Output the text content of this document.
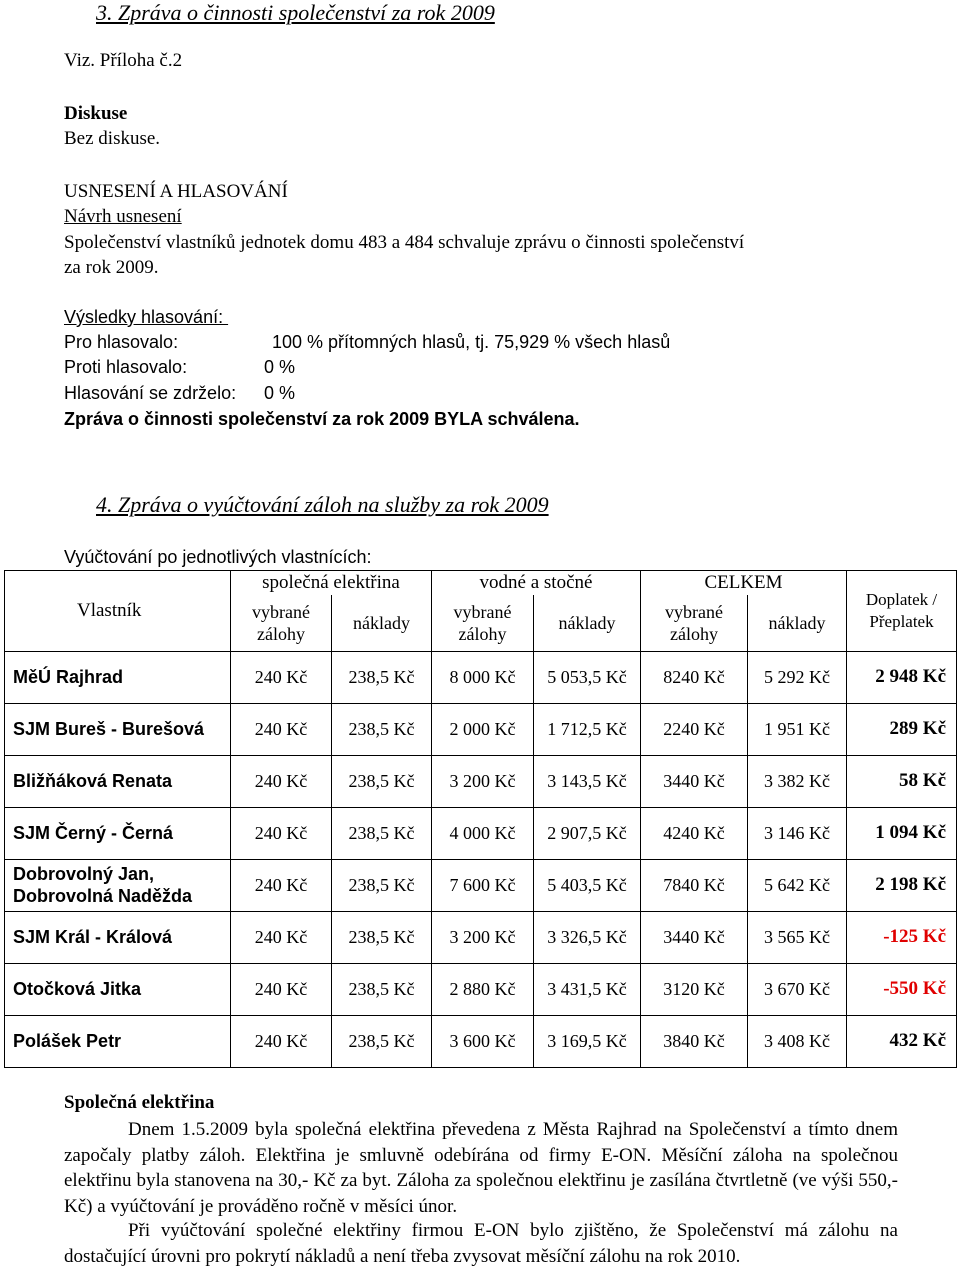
3. Zpráva o činnosti společenství za rok 2009
Viz. Příloha č.2
Diskuse
Bez diskuse.
USNESENÍ A HLASOVÁNÍ
Návrh usnesení
Společenství vlastníků jednotek domu 483 a 484 schvaluje zprávu o činnosti společenství
za rok 2009.
Výsledky hlasování:
Pro hlasovalo:	100 % přítomných hlasů, tj. 75,929 % všech hlasů
Proti hlasovalo:	0 %
Hlasování se zdrželo: 0 %
Zpráva o činnosti společenství za rok 2009 BYLA schválena.
4. Zpráva o vyúčtování záloh na služby za rok 2009
Vyúčtování po jednotlivých vlastnících:
Vlastník	společná elektřina		vodné a stočné		CELKEM		Doplatek / Přeplatek
	vybrané zálohy	náklady	vybrané zálohy	náklady	vybrané zálohy	náklady	
MěÚ Rajhrad	240 Kč	238,5 Kč	8 000 Kč	5 053,5 Kč	8240 Kč	5 292 Kč	2 948 Kč
SJM Bureš - Burešová	240 Kč	238,5 Kč	2 000 Kč	1 712,5 Kč	2240 Kč	1 951 Kč	289 Kč
Bližňáková Renata	240 Kč	238,5 Kč	3 200 Kč	3 143,5 Kč	3440 Kč	3 382 Kč	58 Kč
SJM Černý - Černá	240 Kč	238,5 Kč	4 000 Kč	2 907,5 Kč	4240 Kč	3 146 Kč	1 094 Kč
Dobrovolný Jan, Dobrovolná Naděžda	240 Kč	238,5 Kč	7 600 Kč	5 403,5 Kč	7840 Kč	5 642 Kč	2 198 Kč
SJM Král - Králová	240 Kč	238,5 Kč	3 200 Kč	3 326,5 Kč	3440 Kč	3 565 Kč	-125 Kč
Otočková Jitka	240 Kč	238,5 Kč	2 880 Kč	3 431,5 Kč	3120 Kč	3 670 Kč	-550 Kč
Polášek Petr	240 Kč	238,5 Kč	3 600 Kč	3 169,5 Kč	3840 Kč	3 408 Kč	432 Kč
Společná elektřina
Dnem 1.5.2009 byla společná elektřina převedena z Města Rajhrad na Společenství a tímto dnem započaly platby záloh. Elektřina je smluvně odebírána od firmy E-ON. Měsíční záloha na společnou elektřinu byla stanovena na 30,- Kč za byt. Záloha za společnou elektřinu je zasílána čtvrtletně (ve výši 550,- Kč) a vyúčtování je prováděno ročně v měsíci únor.
Při vyúčtování společné elektřiny firmou E-ON bylo zjištěno, že Společenství má zálohu na dostačující úrovni pro pokrytí nákladů a není třeba zvysovat měsíční zálohu na rok 2010.
